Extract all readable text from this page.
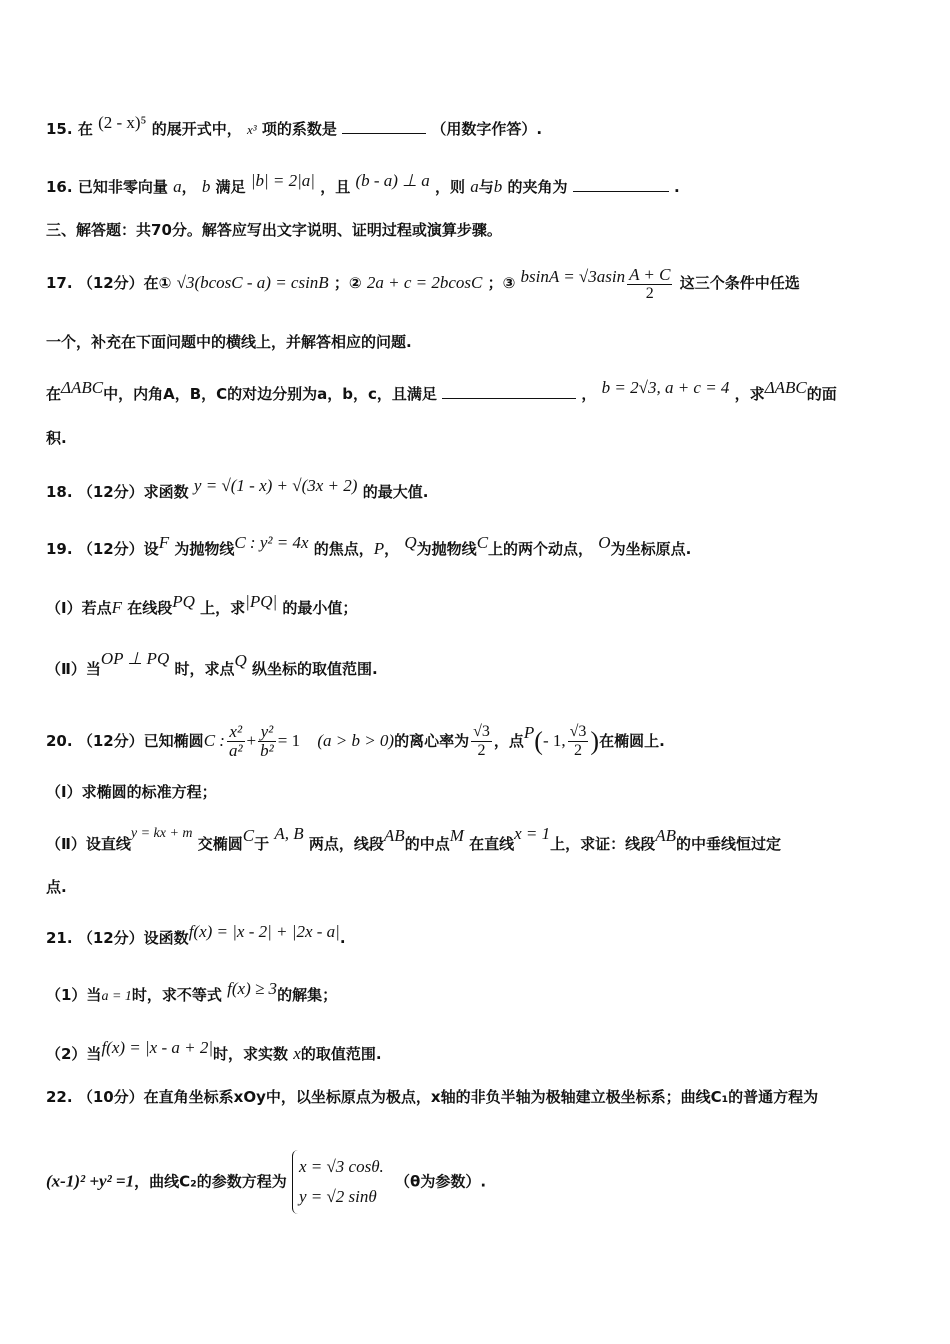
15. 在 (2 - x)⁵ 的展开式中， x³ 项的系数是	（用数字作答）.
16. 已知非零向量 a， b 满足 |b| = 2|a| ，且 (b - a) ⊥ a ，则 a与b 的夹角为	.
三、解答题：共70分。解答应写出文字说明、证明过程或演算步骤。
17. （12分）在① √3(bcosC - a) = csinB ；② 2a + c = 2bcosC ；③ $bsinA = √3asin \frac{A + C}{2}$ 这三个条件中任选
一个，补充在下面问题中的横线上，并解答相应的问题.
在ΔABC中，内角A，B，C的对边分别为a，b，c，且满足	， b = 2√3, a + c = 4 ，求ΔABC的面
积.
18. （12分）求函数 y = √(1 - x) + √(3x + 2) 的最大值.
19. （12分）设F 为抛物线C : y² = 4x 的焦点，P， Q为抛物线C上的两个动点， O为坐标原点.
（Ⅰ）若点F 在线段PQ 上，求|PQ| 的最小值；
（Ⅱ）当OP ⊥ PQ 时，求点Q 纵坐标的取值范围.
20. （12分）已知椭圆C : $\frac{\text{x²}}{\text{a²}} + \frac{\text{y²}}{\text{b²}} = 1$ (a > b > 0)的离心率为 $\frac{√3}{2}$ ，点P(- 1, $\frac{√3}{2}$ )在椭圆上.
（Ⅰ）求椭圆的标准方程；
（Ⅱ）设直线y = kx + m 交椭圆C于 A, B 两点，线段AB的中点M 在直线x = 1上，求证：线段AB的中垂线恒过定
点.
21. （12分）设函数f(x) = |x - 2| + |2x - a|.
（1）当a = 1时，求不等式 f(x) ≥ 3的解集；
（2）当f(x) = |x - a + 2|时，求实数 x的取值范围.
22. （10分）在直角坐标系xOy中，以坐标原点为极点，x轴的非负半轴为极轴建立极坐标系；曲线C₁的普通方程为
(x-1)² +y² =1，曲线C₂的参数方程为
x = √3 cosθ.
y = √2 sinθ
（θ为参数）.
